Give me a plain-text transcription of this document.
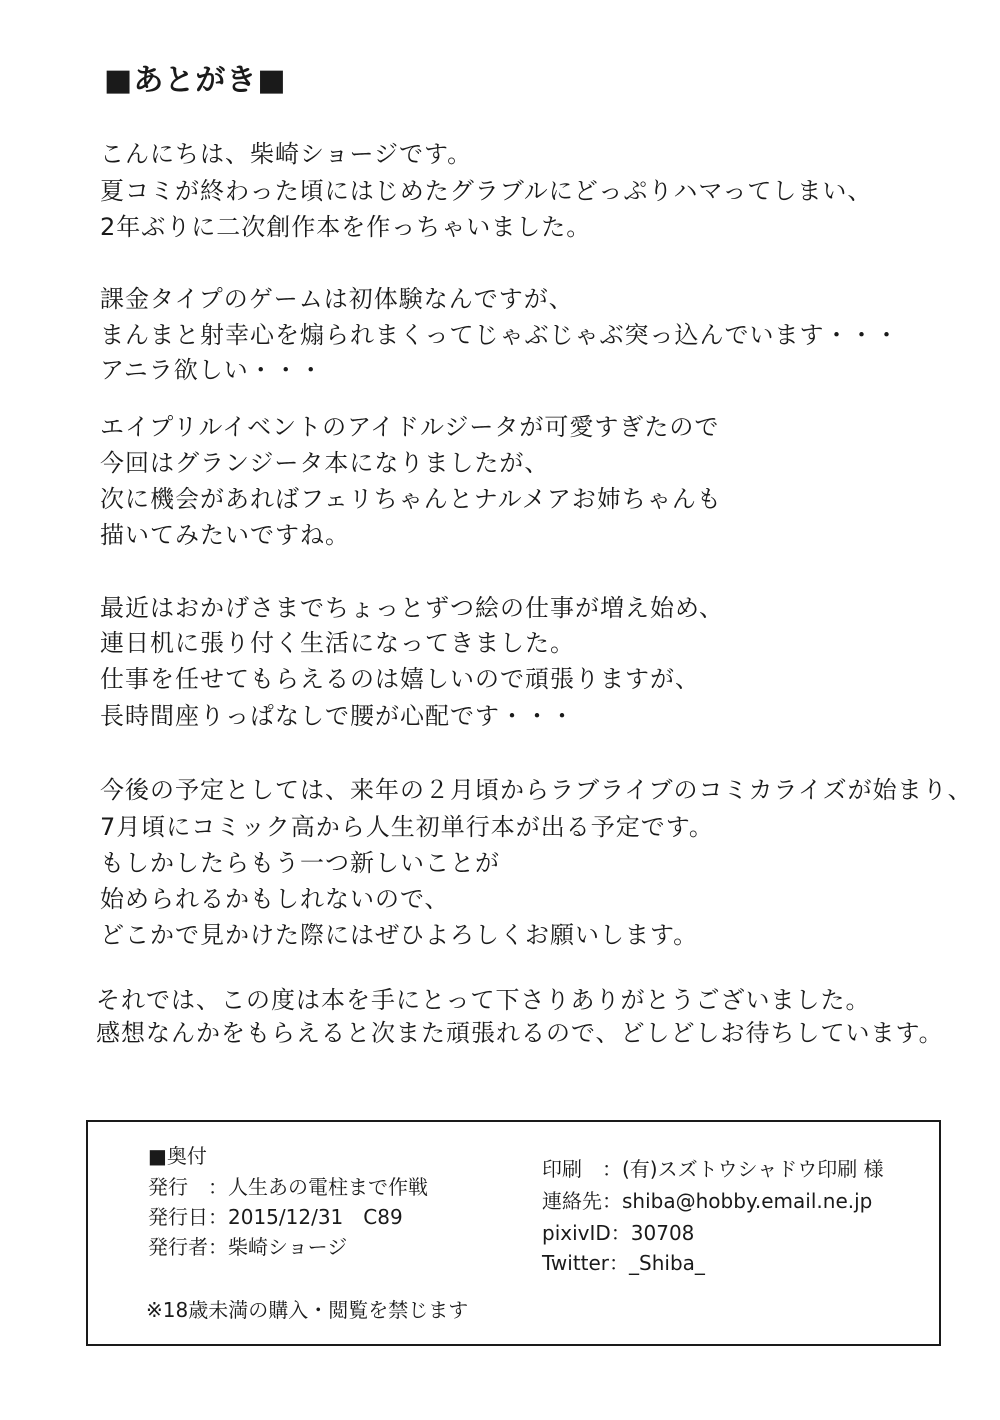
■あとがき■
こんにちは、柴崎ショージです。
夏コミが終わった頃にはじめたグラブルにどっぷりハマってしまい、
2年ぶりに二次創作本を作っちゃいました。
課金タイプのゲームは初体験なんですが、
まんまと射幸心を煽られまくってじゃぶじゃぶ突っ込んでいます・・・
アニラ欲しい・・・
エイプリルイベントのアイドルジータが可愛すぎたので
今回はグランジータ本になりましたが、
次に機会があればフェリちゃんとナルメアお姉ちゃんも
描いてみたいですね。
最近はおかげさまでちょっとずつ絵の仕事が増え始め、
連日机に張り付く生活になってきました。
仕事を任せてもらえるのは嬉しいので頑張りますが、
長時間座りっぱなしで腰が心配です・・・
今後の予定としては、来年の２月頃からラブライブのコミカライズが始まり、
7月頃にコミック高から人生初単行本が出る予定です。
もしかしたらもう一つ新しいことが
始められるかもしれないので、
どこかで見かけた際にはぜひよろしくお願いします。
それでは、この度は本を手にとって下さりありがとうございました。
感想なんかをもらえると次また頑張れるので、どしどしお待ちしています。
■奥付
発行　：人生あの電柱まで作戦
発行日：2015/12/31　C89
発行者：柴崎ショージ
印刷　：(有)スズトウシャドウ印刷 様
連絡先：shiba@hobby.email.ne.jp
pixivID：30708
Twitter：_Shiba_
※18歳未満の購入・閲覧を禁じます
